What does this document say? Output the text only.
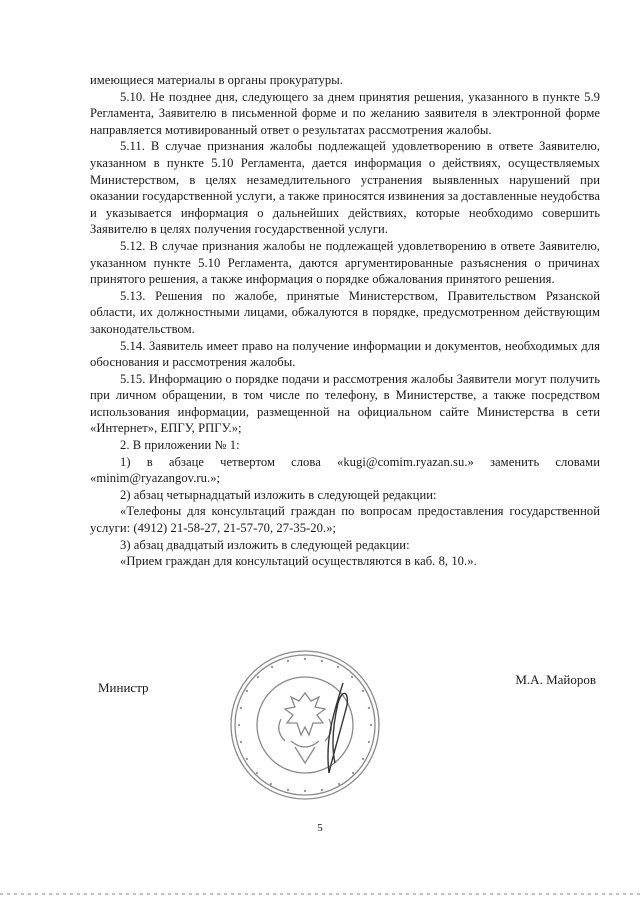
имеющиеся материалы в органы прокуратуры.

5.10. Не позднее дня, следующего за днем принятия решения, указанного в пункте 5.9 Регламента, Заявителю в письменной форме и по желанию заявителя в электронной форме направляется мотивированный ответ о результатах рассмотрения жалобы.

5.11. В случае признания жалобы подлежащей удовлетворению в ответе Заявителю, указанном в пункте 5.10 Регламента, дается информация о действиях, осуществляемых Министерством, в целях незамедлительного устранения выявленных нарушений при оказании государственной услуги, а также приносятся извинения за доставленные неудобства и указывается информация о дальнейших действиях, которые необходимо совершить Заявителю в целях получения государственной услуги.

5.12. В случае признания жалобы не подлежащей удовлетворению в ответе Заявителю, указанном пункте 5.10 Регламента, даются аргументированные разъяснения о причинах принятого решения, а также информация о порядке обжалования принятого решения.

5.13. Решения по жалобе, принятые Министерством, Правительством Рязанской области, их должностными лицами, обжалуются в порядке, предусмотренном действующим законодательством.

5.14. Заявитель имеет право на получение информации и документов, необходимых для обоснования и рассмотрения жалобы.

5.15. Информацию о порядке подачи и рассмотрения жалобы Заявители могут получить при личном обращении, в том числе по телефону, в Министерстве, а также посредством использования информации, размещенной на официальном сайте Министерства в сети «Интернет», ЕПГУ, РПГУ.»;

2. В приложении № 1:

1) в абзаце четвертом слова «kugi@comim.ryazan.su.» заменить словами «minim@ryazangov.ru.»;

2) абзац четырнадцатый изложить в следующей редакции:

«Телефоны для консультаций граждан по вопросам предоставления государственной услуги: (4912) 21-58-27, 21-57-70, 27-35-20.»;

3) абзац двадцатый изложить в следующей редакции:

«Прием граждан для консультаций осуществляются в каб. 8, 10.».

Министр
М.А. Майоров
5
